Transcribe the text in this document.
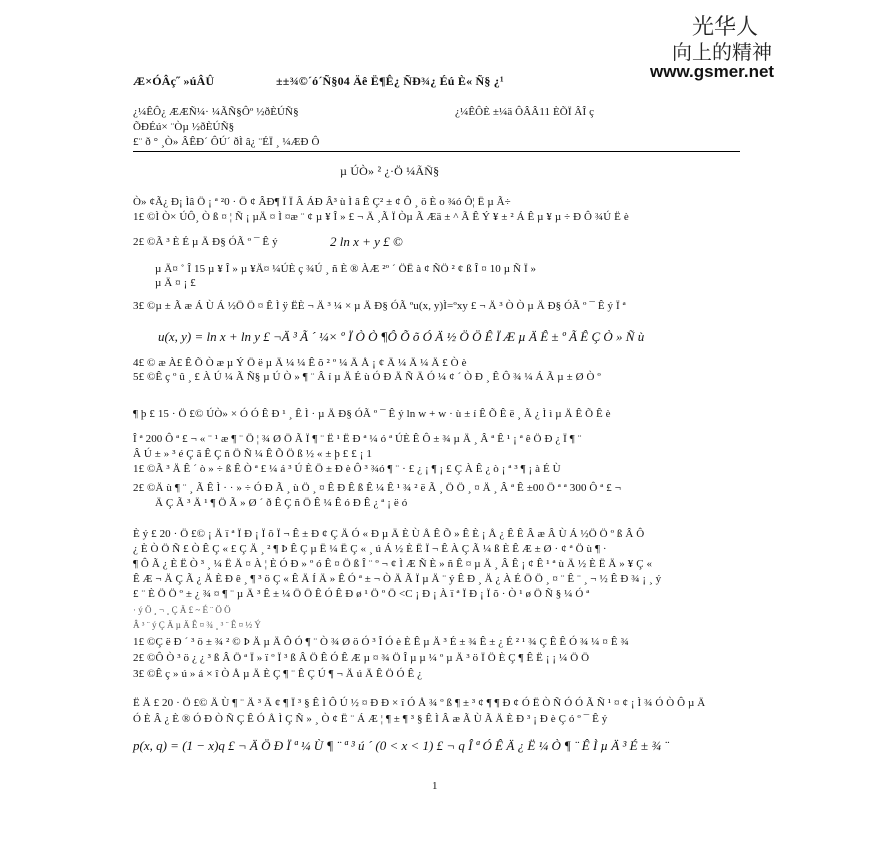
光华人
向上的精神
www.gsmer.net
Æ×ÓÂç˝ »úÂÛ	±±¾©´ó´Ñ§04 Äê Ë¶Ê¿ ÑÐ¾¿ Éú È« Ñ§ ¿¹
¿¼ÊÔ¿ ÆÆÑ¼· ¼ÃÑ§Ôº ½ðÈÚÑ§	¿¼ÊÔÈ ±¼ä ÔÂÂ11 ÈÕÏ ÂÎ ç
ÕÐÉú× ¨Òµ ½ðÈÚÑ§
£¨ ð ° ¸Ò» ÂÊÐ´ ÔÚ´ ðÌ â¿ ¨ÉÏ ¸ ¼ÆÐ Ô
µ ÚÒ» ² ¿·Ö ¼ÃÑ§
Ò» ¢Ã¿ Ð¡ Ìâ Ö ¡ ª ²0 · Ö ¢ ÂÐ¶ Ï Ï Â ÁÐ Â³ ù Ì â Ê Ç² ± ¢ Ô ¸ ö È o ¾ó Ô¦ Ë µ Ã÷
1£ ©Ì Ò× ÚÔ¸ Ò ß ¤ ¦ Ñ ¡ µÄ ¤ Ì ¤æ ¨ ¢ µ ¥ Î » £ ¬ Ä ¸Ã Ï Òµ Ã Æä ± ^ Ã Ê Ý ¥ ± ² Á Ê µ ¥ µ ÷ Ð Ô ¾Ú Ë è
2£ ©Ã ³ È É µ Ä Ð§ ÓÃ º ¯ Ê ý	2 ln x + y £ ©
µ Ä¤ ˚ Î 15 µ ¥ Î » µ ¥Ä¤ ¼ÚÈ ç ¾Ú ¸ ñ È ® ÀÆ ²º ´ ÖË à ¢ ÑÖ ² ¢ ß Î ¤ 10 µ Ñ Ï »
µ Ä ¤ ¡ £
3£ ©µ ± Ã æ Á Ù Á ½Ö Ö ¤ Ê Ì ÿ ËÈ ¬ Ä ³ ¼ × µ Ä Ð§ ÓÃ ºu(x, y)Ì=ºxy £ ¬ Ä ³ Ò Ò µ Ä Ð§ ÓÃ º ¯ Ê ý Ï ª
u(x, y) = ln x + ln y £ ¬Ä ³ Ã ´ ¼× º Ï Ò Ò ¶Ô Õ õ Ó Ä ½ Ö Ö Ê Ï Æ µ Ä Ê ± º Ã Ê Ç Ò » Ñ ù
4£ © æ À£ Ê Õ Ò æ µ Ý Ö ë µ Ä ¼ ¼ Ê õ ² º ¼ Ä Å ¡ ¢ Ä ¼ Ä ¼ Ä £ Ò è
5£ ©Ê ç º û ¸ £ À Ú ¼ Ã Ñ§ µ Ú Ò » ¶ ¨ Â í µ Ä É ù Ó Ð Ä Ñ Ä Ó ¼ ¢ ´ Ò Ð ¸ Ê Ô ¾ ¼ Á Ã µ ± Ø Ò º
¶ þ £ 15 · Ö £© ÚÒ» × Ó Ó Ê Ð ¹ ¸ Ê Ì · µ Ä Ð§ ÓÃ º ¯ Ê ý ln w + w · ù ± í Ê Õ Ê ë ¸ Ã ¿ Ì ì µ Ä Ê Õ Ê è
Î ª 200 Ô ª £ ¬ « ¨ ¹ æ ¶ ¨ Ö ¦ ¾ Ø Ö Ã Ï ¶ ¨ Ë ¹ Ë Ð ª ¼ ó ª ÚÈ Ê Ô ± ¾ µ Ä ¸ Â ª Ê ¹ ¡ ª ê Ö Ð ¿ Ï ¶ ¨
Â Ú ± » ³ é Ç ã Ê Ç ñ Ö Ñ ¼ Ê Õ Ö ß ½ « ± þ £ £ ¡ 1
1£ ©Ã ³ Ä Ê ´ ò » ÷ ß Ê Ò ª £ ¼ á ³ Ú È Ö ± Ð è Ô ³ ¾ó ¶ ¨ · £ ¿ ¡ ¶ ¡ £ Ç À Ê ¿ ò ¡ ª ³ ¶ ¡ à É Ù
2£ ©Ä ù ¶ ¨ ¸ Ã Ê Ì · · » ÷ Ó Ð Ã ¸ ù Ö ¸ ¤ Ê Ð Ê ß Ê ¼ Ê ¹ ¾ ² ë Ã ¸ Ö Ö ¸ ¤ Ä ¸ Â ª Ê ±00 Ö ª ª 300 Ô ª £ ¬
Ä Ç Ã ³ Ä ¹ ¶ Ö Ã » Ø ´ ð Ê Ç ñ Ö Ê ¼ Ê ó Ð Ê ¿ ª ¡ ë ó
È ý £ 20 · Ö £© ¡ Ä ï ª Ï Ð ¡ Ï õ Ï ¬ Ê ± Ð ¢ Ç Ä Ó « Ð µ Ä È Ù Å Ê Õ » Ê È ¡ Å ¿ Ê Ê Â æ Â Ù Á ½Ö Ö º ß Â Ô
¿ È Ò Ö Ñ £ Ò Ê Ç « £ Ç Ä ¸ ² ¶ Þ Ê Ç µ Ë ¼ Ë Ç « ¸ ú Á ½ È Ë Ï ¬ Ê À Ç Ã ¼ ß È Ê Æ ± Ø · ¢ ª Ö ù ¶ ·
¶ Ô Ã ¿ È Ë Ò ³ ¸ ¼ Ë Ä ¤ À ¦ È Ó Ð » º ó Ê ¤ Ö ß Î ¨ º ¬ ¢ Ì Æ Ñ È » ñ Ê ¤ µ Ä ¸ Â Ê ¡ ¢ Ê ¹ ª ù Ä ½ È Ë Ä » ¥ Ç «
Ê Æ ¬ Ä Ç Ã ¿ Ä È Ð ê ¸ ¶ ³ ö Ç « Ê Ä Í Ä » Ê Ó ª ± ¬ Ò Ä Ã Ï µ Ä ¨ ý Ê Ð ¸ Ä ¿ À É Ö Ö ¸ ¤ ¨ Ê ¨ ¸ ¬ ½ Ê Ð ¾ ¡ ¸ ý
£ ¨ È Ö Ö º ± ¿ ¾ ¤ ¶ ¨ µ Ä ³ Ê ± ¼ Ö Ö Ê Ó Ê Ð ø ¹ Ö º Ö <C ¡ Ð ¡ À ï ª Ï Ð ¡ Ï õ · Ò ¹ ø Ö Ñ § ¼ Ó ª
· ý Ö ¸ ¬ ¸ Ç Ä £ ~ É ¨ Ö Ö
Â ³ ¨ ý Ç Ä µ Ä Ê ¤ ¾ ¸ ³ ¨ Ê ¤ ½ Ý
1£ ©Ç ë Ð ´ ³ ö ± ¾ ² © Þ Ä µ Ä Ô Ó ¶ ¨ Ò ¾ Ø ö Ó ³ Î Ó è È Ê µ Ä ³ É ± ¾ Ê ± ¿ É ² ¹ ¾ Ç Ê Ê Ó ¾ ¼ ¤ Ê ¾
2£ ©Ô Ò ³ ö ¿ ¿ ³ ß Â Ö ª Ï » ï º Ï ³ ß Â Ö Ê Ó Ê Æ µ ¤ ¾ Ö Î µ µ ¼ º µ Ä ³ ö Ï Ö È Ç ¶ Ê Ë ¡ ¡ ¼ Ö Ö
3£ ©Ê ç » ú » á × î Ò Å µ Ä È Ç ¶ ¨ Ê Ç Ú ¶ ¬ Ä ú Ä Ê Ö Ó Ê ¿
Ë Ä £ 20 · Ö £© Ä Ù ¶ ¨ Ä ³ Ä ¢ ¶ Ï ³ § Ê Ì Ô Ú ½ ¤ Ð Ð × î Ó Å ¾ º ß ¶ ± ³ ¢ ¶ ¶ Ð ¢ Ó Ë Ò Ñ Ó Ó Ã Ñ ¹ ¤ ¢ ¡ Ì ¾ Ó Ò Ô µ Ä
Ó È Â ¿ È ® Ó Ð Ò Ñ Ç Ê Ó Å Ì Ç Ñ » ¸ Ò ¢ Ë ¨ Á Æ ¦ ¶ ± ¶ ³ § Ê Ì Â æ Ã Ù Ã Ä È Ð ³ ¡ Ð è Ç ó º ¯ Ê ý
p(x, q) = (1 − x)q £ ¬ Ä Ö Ð Ï ª ¼ Ù ¶ ¨ ª ³ ú ´ (0 < x < 1) £ ¬ q Î ª Ó Ê Ä ¿ Ë ¼ Ò ¶ ¨ Ê Ì µ Ä ³ É ± ¾ ¨
1
